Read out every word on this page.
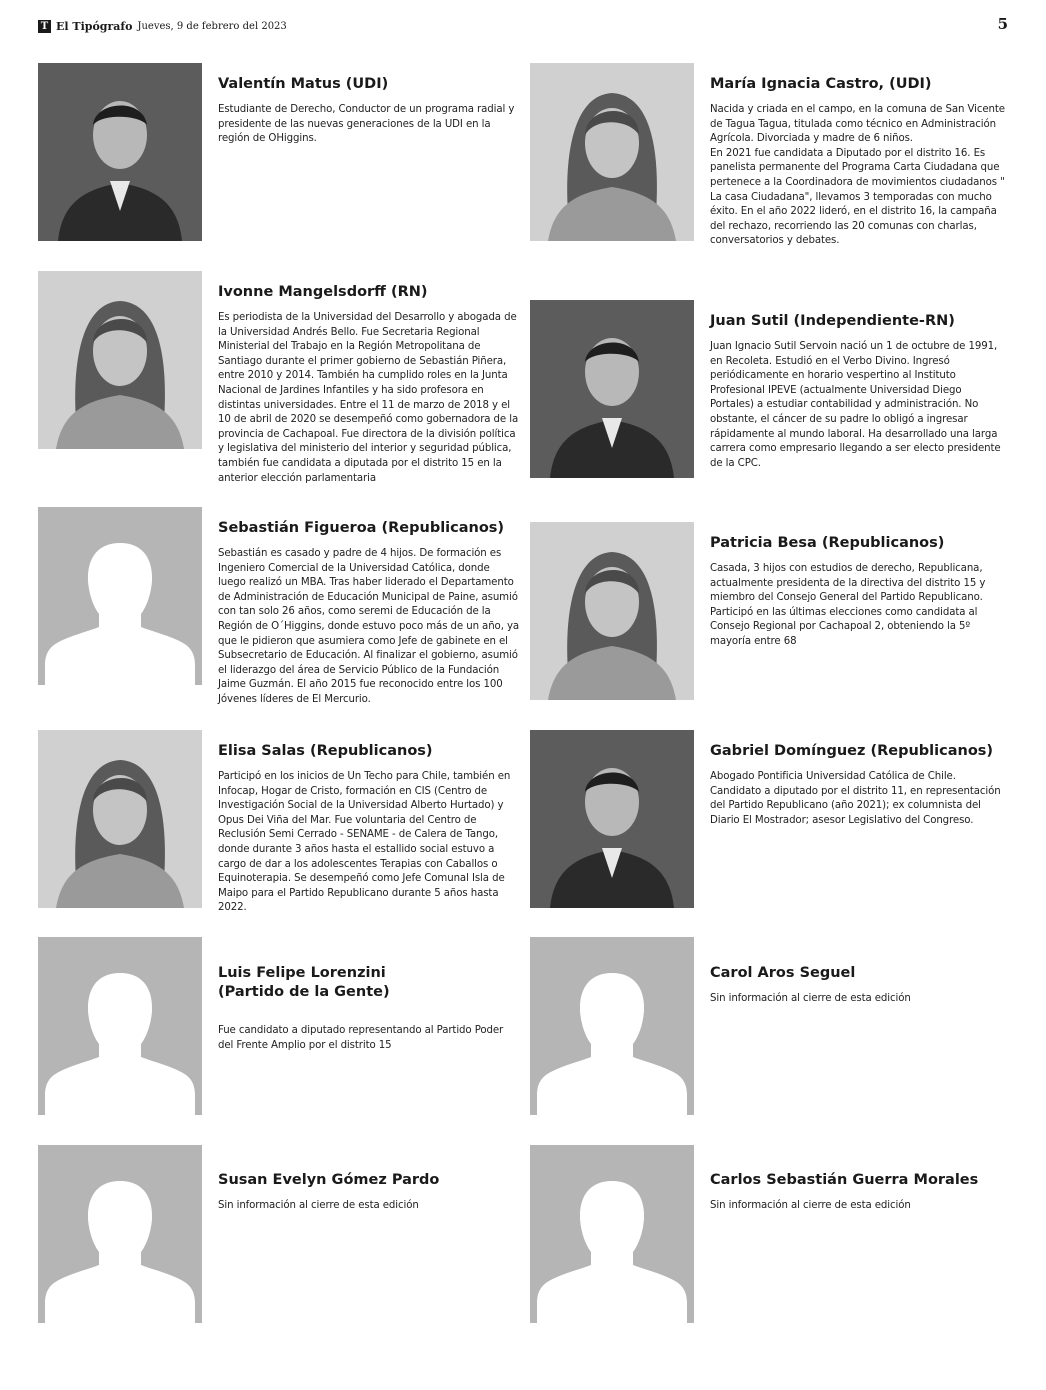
T El Tipógrafo Jueves, 9 de febrero del 2023	5
Valentín Matus (UDI)
Estudiante de Derecho, Conductor de un programa radial y presidente de las nuevas generaciones de la UDI en la región de OHiggins.
María Ignacia Castro, (UDI)
Nacida y criada en el campo, en la comuna de San Vicente de Tagua Tagua, titulada como técnico en Administración Agrícola. Divorciada y madre de 6 niños.
En 2021 fue candidata a Diputado por el distrito 16. Es panelista permanente del Programa Carta Ciudadana que pertenece a la Coordinadora de movimientos ciudadanos " La casa Ciudadana", llevamos 3 temporadas con mucho éxito. En el año 2022 lideró, en el distrito 16, la campaña del rechazo, recorriendo las 20 comunas con charlas, conversatorios y debates.
Ivonne Mangelsdorff (RN)
Es periodista de la Universidad del Desarrollo y abogada de la Universidad Andrés Bello. Fue Secretaria Regional Ministerial del Trabajo en la Región Metropolitana de Santiago durante el primer gobierno de Sebastián Piñera, entre 2010 y 2014. También ha cumplido roles en la Junta Nacional de Jardines Infantiles y ha sido profesora en distintas universidades. Entre el 11 de marzo de 2018 y el 10 de abril de 2020 se desempeñó como gobernadora de la provincia de Cachapoal. Fue directora de la división política y legislativa del ministerio del interior y seguridad pública, también fue candidata a diputada por el distrito 15 en la anterior elección parlamentaria
Juan Sutil (Independiente-RN)
Juan Ignacio Sutil Servoin nació un 1 de octubre de 1991, en Recoleta. Estudió en el Verbo Divino. Ingresó periódicamente en horario vespertino al Instituto Profesional IPEVE (actualmente Universidad Diego Portales) a estudiar contabilidad y administración. No obstante, el cáncer de su padre lo obligó a ingresar rápidamente al mundo laboral. Ha desarrollado una larga carrera como empresario llegando a ser electo presidente de la CPC.
Sebastián Figueroa (Republicanos)
Sebastián es casado y padre de 4 hijos. De formación es Ingeniero Comercial de la Universidad Católica, donde luego realizó un MBA. Tras haber liderado el Departamento de Administración de Educación Municipal de Paine, asumió con tan solo 26 años, como seremi de Educación de la Región de O´Higgins, donde estuvo poco más de un año, ya que le pidieron que asumiera como Jefe de gabinete en el Subsecretario de Educación. Al finalizar el gobierno, asumió el liderazgo del área de Servicio Público de la Fundación Jaime Guzmán. El año 2015 fue reconocido entre los 100 Jóvenes líderes de El Mercurio.
Patricia Besa (Republicanos)
Casada, 3 hijos con estudios de derecho, Republicana, actualmente presidenta de la directiva del distrito 15 y miembro del Consejo General del Partido Republicano. Participó en las últimas elecciones como candidata al Consejo Regional por Cachapoal 2, obteniendo la 5º mayoría entre 68
Elisa Salas (Republicanos)
Participó en los inicios de Un Techo para Chile, también en Infocap, Hogar de Cristo, formación en CIS (Centro de Investigación Social de la Universidad Alberto Hurtado) y Opus Dei Viña del Mar. Fue voluntaria del Centro de Reclusión Semi Cerrado - SENAME - de Calera de Tango, donde durante 3 años hasta el estallido social estuvo a cargo de dar a los adolescentes Terapias con Caballos o Equinoterapia. Se desempeñó como Jefe Comunal Isla de Maipo para el Partido Republicano durante 5 años hasta 2022.
Gabriel Domínguez (Republicanos)
Abogado Pontificia Universidad Católica de Chile. Candidato a diputado por el distrito 11, en representación del Partido Republicano (año 2021); ex columnista del Diario El Mostrador; asesor Legislativo del Congreso.
Luis Felipe Lorenzini
(Partido de la Gente)
Fue candidato a diputado representando al Partido Poder del Frente Amplio por el distrito 15
Carol Aros Seguel
Sin información al cierre de esta edición
Susan Evelyn Gómez Pardo
Sin información al cierre de esta edición
Carlos Sebastián Guerra Morales
Sin información al cierre de esta edición
